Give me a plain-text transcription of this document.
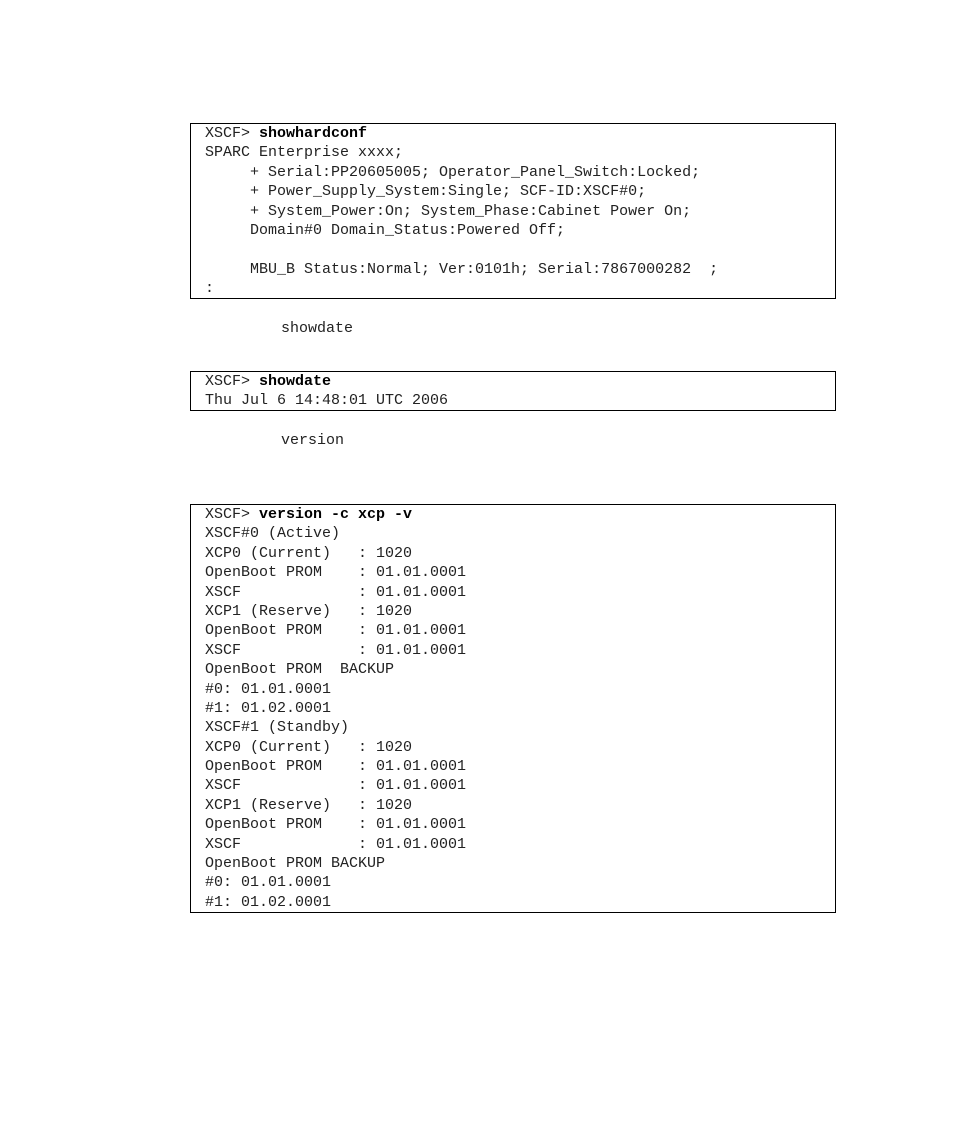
XSCF> showhardconf
SPARC Enterprise xxxx;
+ Serial:PP20605005; Operator_Panel_Switch:Locked;
+ Power_Supply_System:Single; SCF-ID:XSCF#0;
+ System_Power:On; System_Phase:Cabinet Power On;
Domain#0 Domain_Status:Powered Off;
MBU_B Status:Normal; Ver:0101h; Serial:7867000282  ;
:
showdate
XSCF> showdate
Thu Jul 6 14:48:01 UTC 2006
version
XSCF> version -c xcp -v
XSCF#0 (Active)
XCP0 (Current)   : 1020
OpenBoot PROM    : 01.01.0001
XSCF             : 01.01.0001
XCP1 (Reserve)   : 1020
OpenBoot PROM    : 01.01.0001
XSCF             : 01.01.0001
OpenBoot PROM  BACKUP
#0: 01.01.0001
#1: 01.02.0001
XSCF#1 (Standby)
XCP0 (Current)   : 1020
OpenBoot PROM    : 01.01.0001
XSCF             : 01.01.0001
XCP1 (Reserve)   : 1020
OpenBoot PROM    : 01.01.0001
XSCF             : 01.01.0001
OpenBoot PROM BACKUP
#0: 01.01.0001
#1: 01.02.0001
